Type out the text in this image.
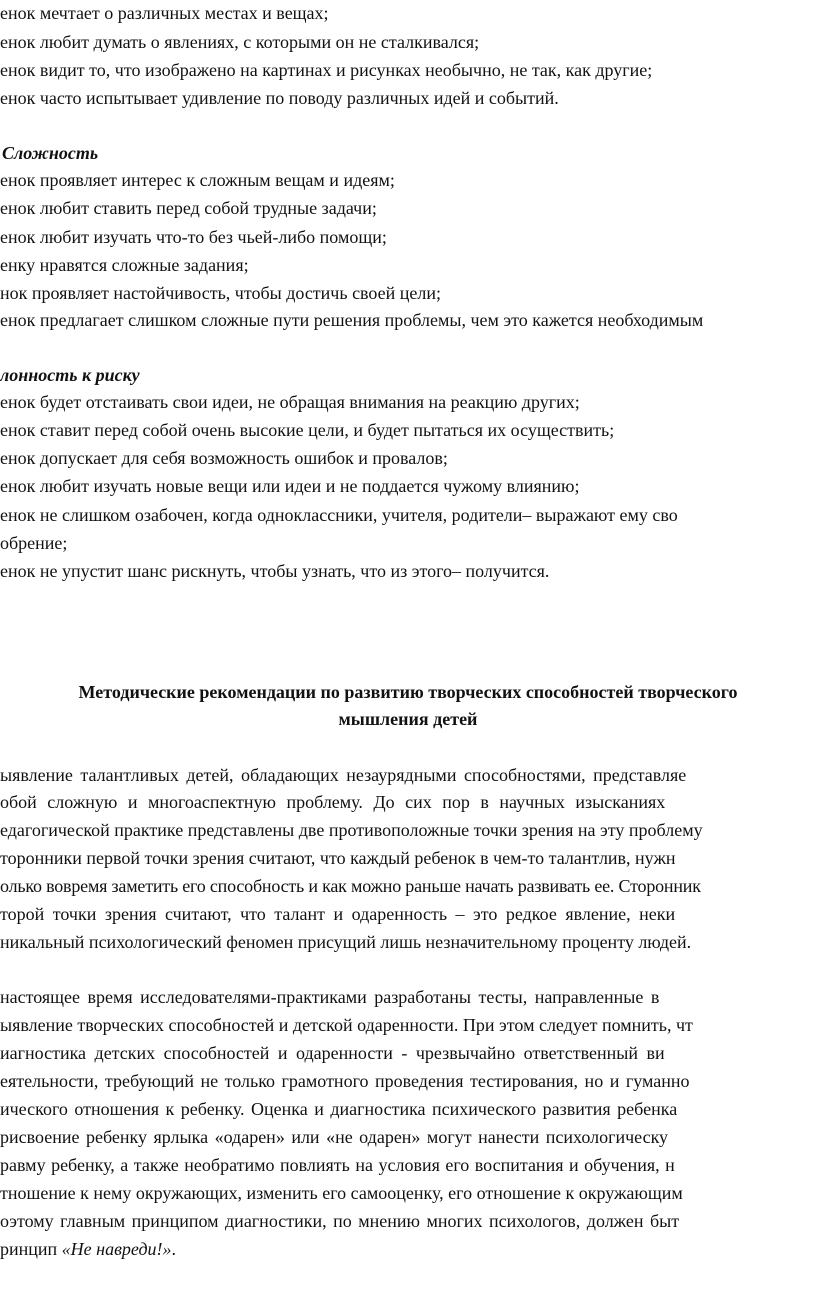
енок мечтает о различных местах и вещах;
енок любит думать о явлениях, с которыми он не сталкивался;
енок видит то, что изображено на картинах и рисунках необычно, не так, как другие;
енок часто испытывает удивление по поводу различных идей и событий.
Сложность
енок проявляет интерес к сложным вещам и идеям;
енок любит ставить перед собой трудные задачи;
енок любит изучать что-то без чьей-либо помощи;
енку нравятся сложные задания;
нок проявляет настойчивость, чтобы достичь своей цели;
енок предлагает слишком сложные пути решения проблемы, чем это кажется необходимым
лонность к риску
енок будет отстаивать свои идеи, не обращая внимания на реакцию других;
енок ставит перед собой очень высокие цели, и будет пытаться их осуществить;
енок допускает для себя возможность ошибок и провалов;
енок любит изучать новые вещи или идеи и не поддается чужому влиянию;
енок не слишком озабочен, когда одноклассники, учителя, родители– выражают ему сво
обрение;
енок не упустит шанс рискнуть, чтобы узнать, что из этого– получится.
Методические рекомендации по развитию творческих способностей творческого
мышления детей
ыявление талантливых детей, обладающих незаурядными способностями, представляе
обой сложную и многоаспектную проблему. До сих пор в научных изысканиях
едагогической практике представлены две противоположные точки зрения на эту проблему
торонники первой точки зрения считают, что каждый ребенок в чем-то талантлив, нужн
олько вовремя заметить его способность и как можно раньше начать развивать ее. Сторонник
торой точки зрения считают, что талант и одаренность – это редкое явление, неки
никальный психологический феномен присущий лишь незначительному проценту людей.
настоящее время исследователями-практиками разработаны тесты, направленные в
ыявление творческих способностей и детской одаренности. При этом следует помнить, чт
иагностика детских способностей и одаренности - чрезвычайно ответственный ви
еятельности, требующий не только грамотного проведения тестирования, но и гуманно
ического отношения к ребенку. Оценка и диагностика психического развития ребенка
рисвоение ребенку ярлыка «одарен» или «не одарен» могут нанести психологическу
равму ребенку, а также необратимо повлиять на условия его воспитания и обучения, н
тношение к нему окружающих, изменить его самооценку, его отношение к окружающим
оэтому главным принципом диагностики, по мнению многих психологов, должен быт
ринцип «Не навреди!».
